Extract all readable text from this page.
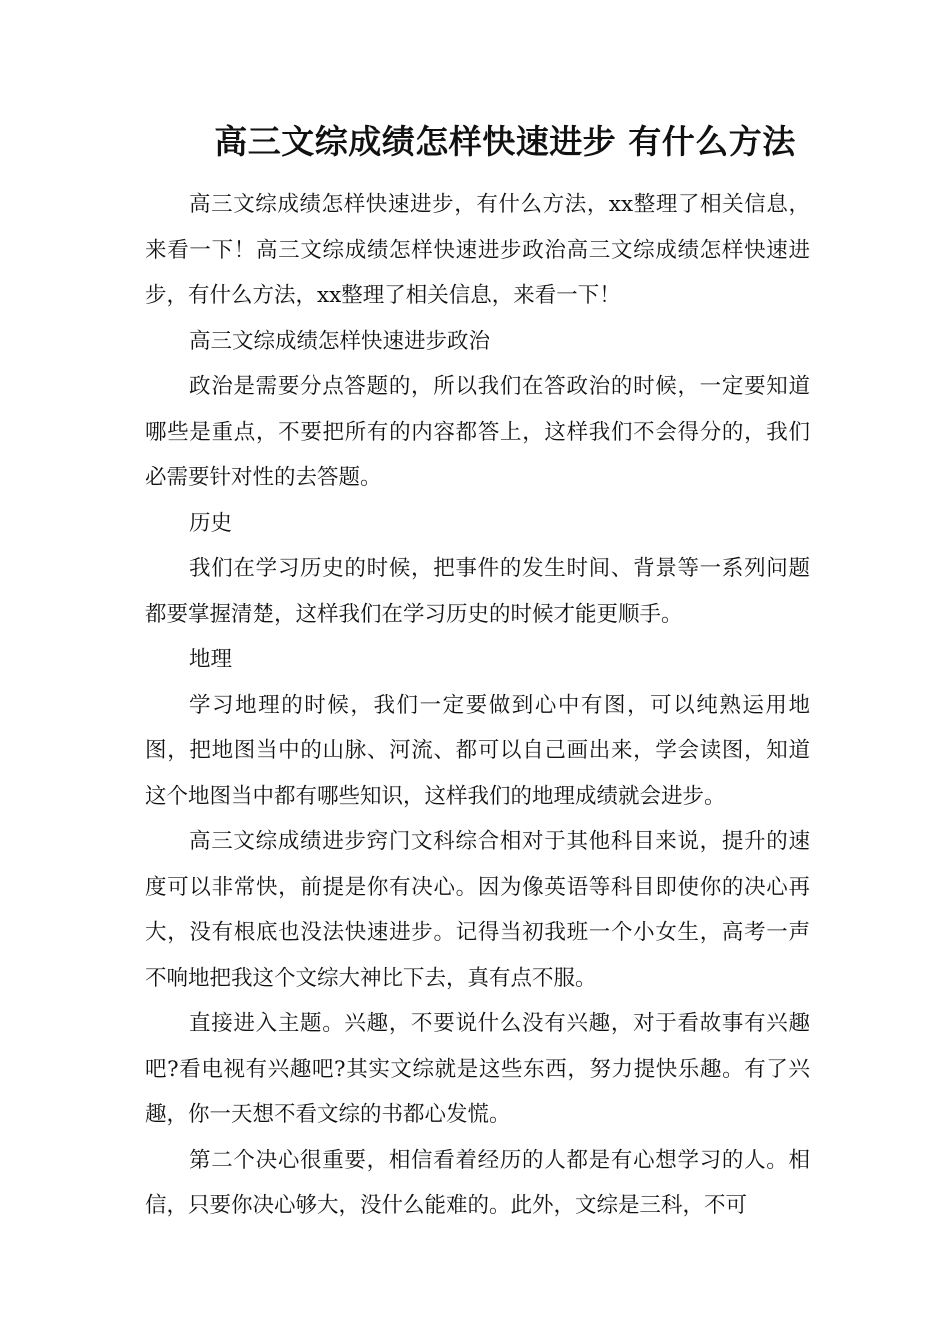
高三文综成绩怎样快速进步 有什么方法

高三文综成绩怎样快速进步，有什么方法，xx整理了相关信息，来看一下！高三文综成绩怎样快速进步政治高三文综成绩怎样快速进步，有什么方法，xx整理了相关信息，来看一下！

高三文综成绩怎样快速进步政治

政治是需要分点答题的，所以我们在答政治的时候，一定要知道哪些是重点，不要把所有的内容都答上，这样我们不会得分的，我们必需要针对性的去答题。

历史

我们在学习历史的时候，把事件的发生时间、背景等一系列问题都要掌握清楚，这样我们在学习历史的时候才能更顺手。

地理

学习地理的时候，我们一定要做到心中有图，可以纯熟运用地图，把地图当中的山脉、河流、都可以自己画出来，学会读图，知道这个地图当中都有哪些知识，这样我们的地理成绩就会进步。

高三文综成绩进步窍门文科综合相对于其他科目来说，提升的速度可以非常快，前提是你有决心。因为像英语等科目即使你的决心再大，没有根底也没法快速进步。记得当初我班一个小女生，高考一声不响地把我这个文综大神比下去，真有点不服。

直接进入主题。兴趣，不要说什么没有兴趣，对于看故事有兴趣吧?看电视有兴趣吧?其实文综就是这些东西，努力提快乐趣。有了兴趣，你一天想不看文综的书都心发慌。

第二个决心很重要，相信看着经历的人都是有心想学习的人。相信，只要你决心够大，没什么能难的。此外，文综是三科，不可
